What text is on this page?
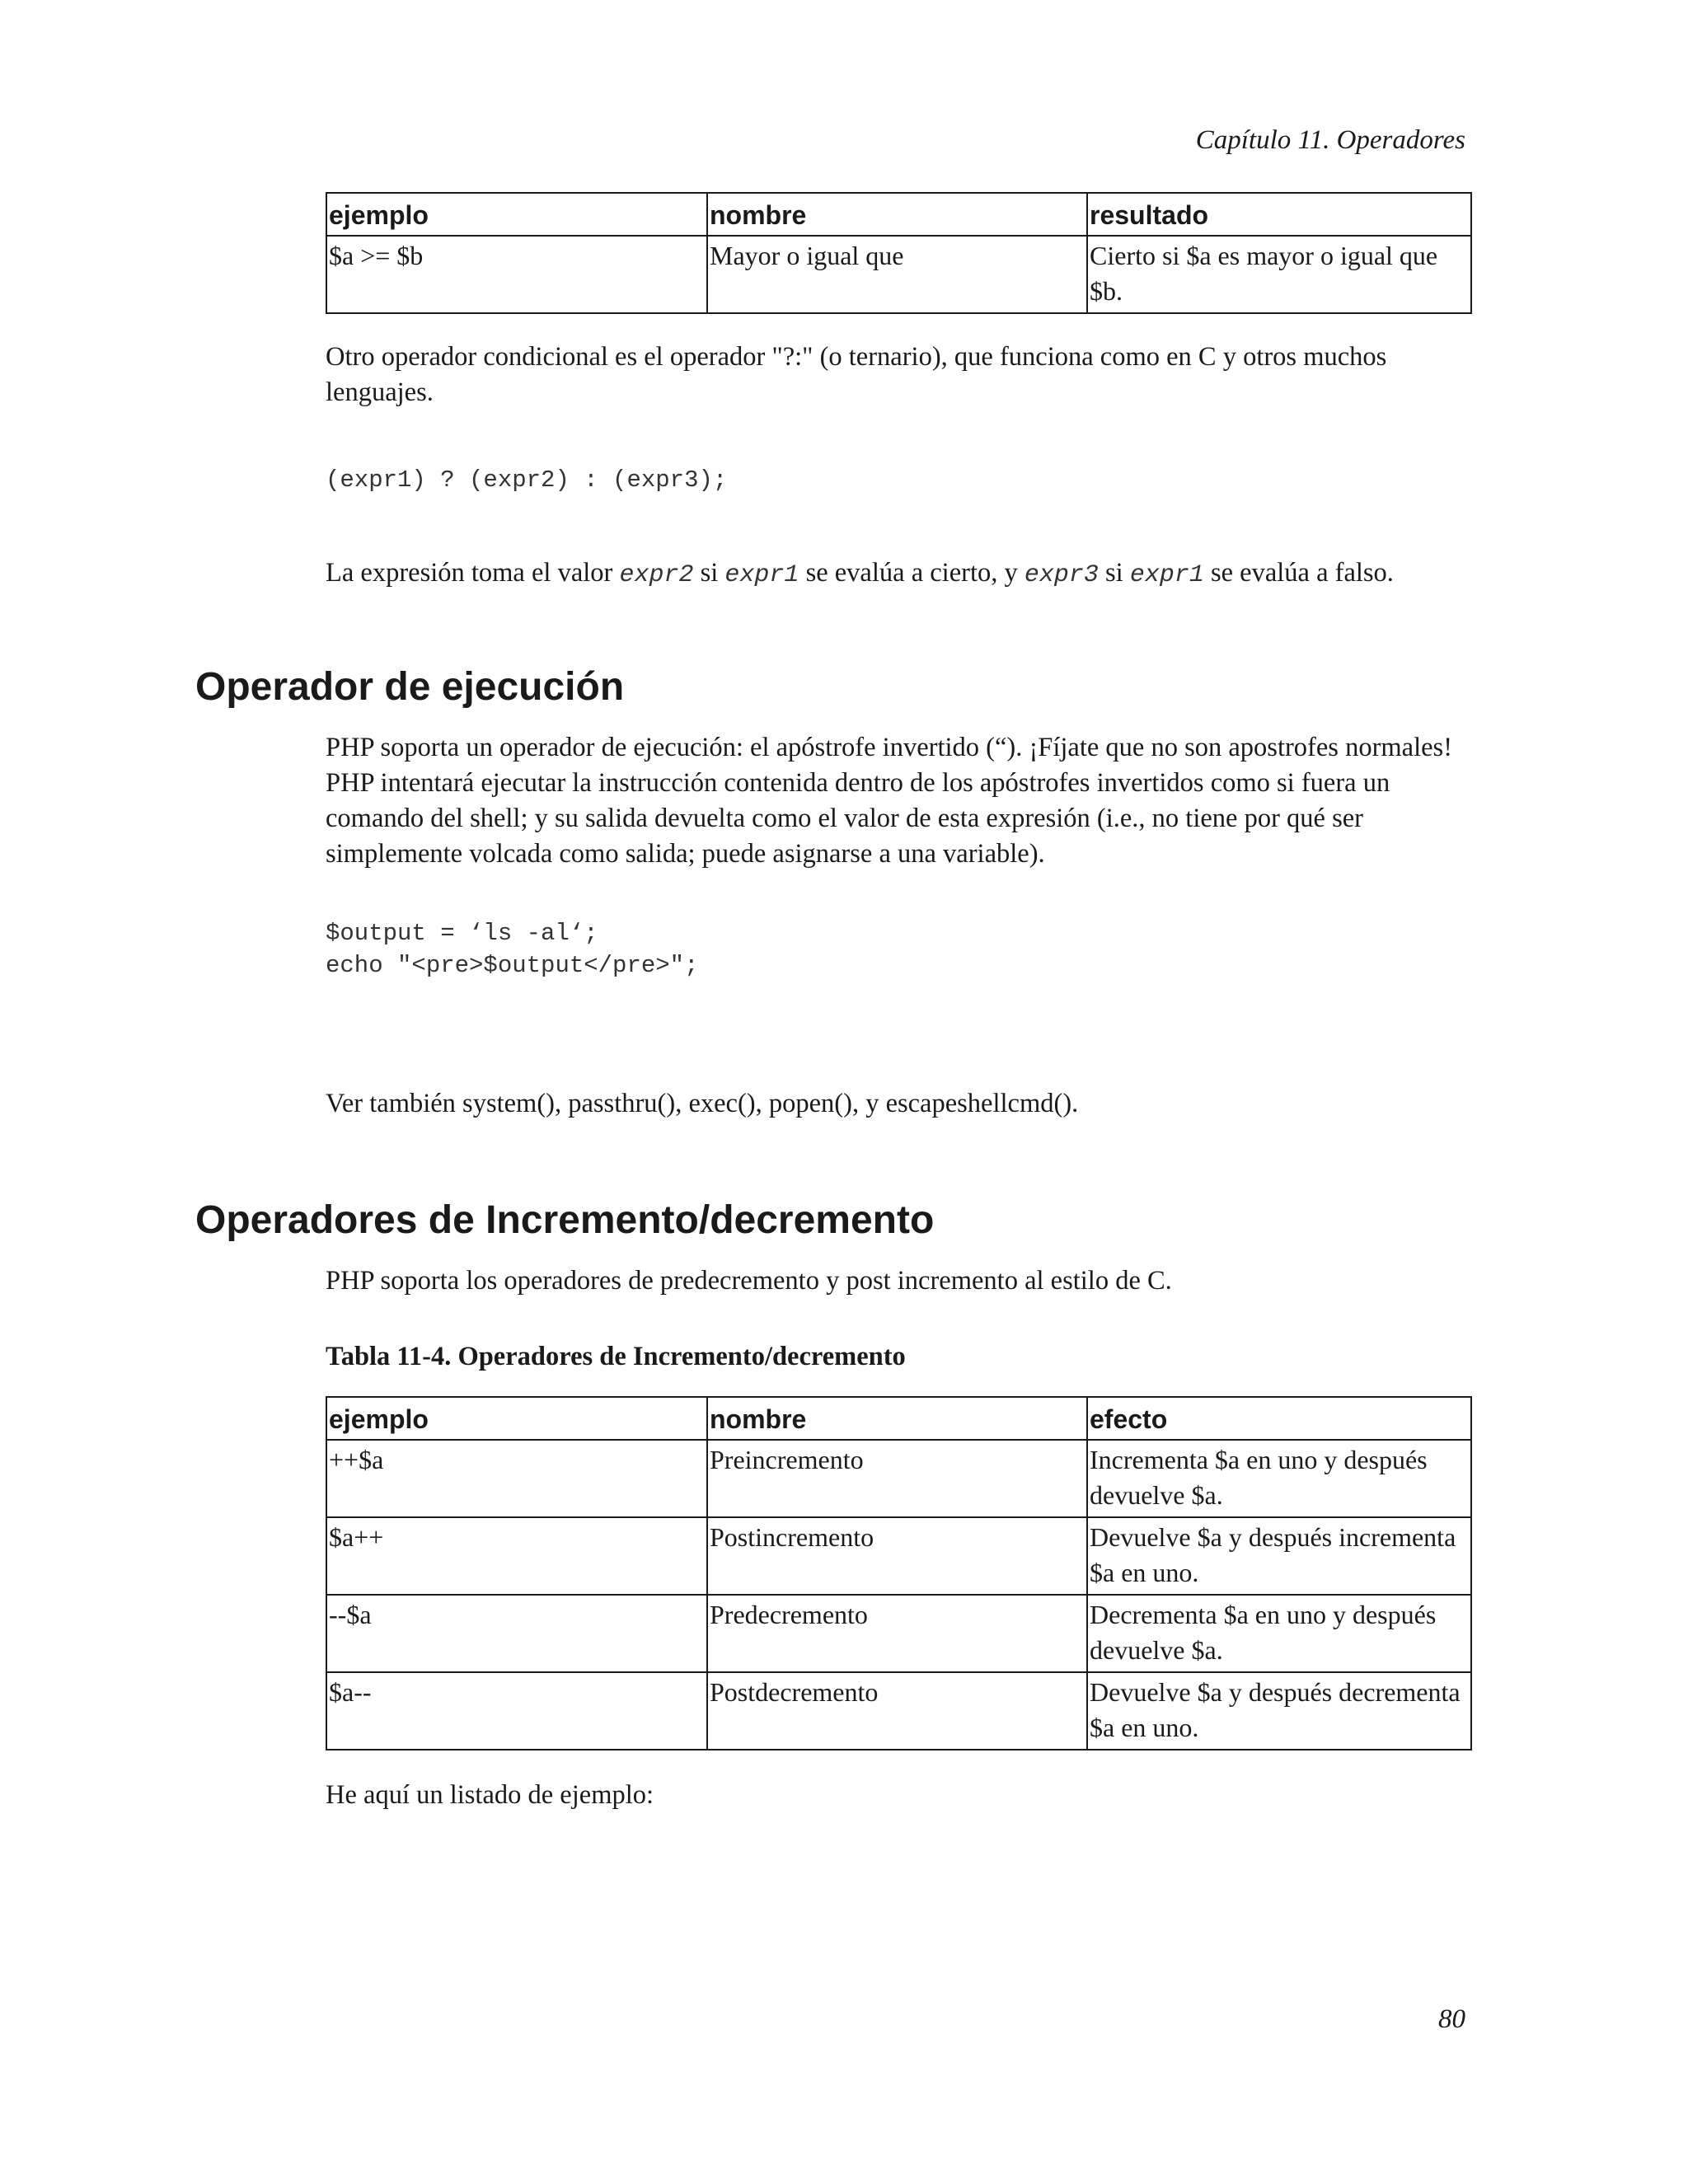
Capítulo 11. Operadores
ejemplo	nombre	resultado
$a >= $b	Mayor o igual que	Cierto si $a es mayor o igual que $b.
Otro operador condicional es el operador "?:" (o ternario), que funciona como en C y otros muchos lenguajes.
(expr1) ? (expr2) : (expr3);
La expresión toma el valor expr2 si expr1 se evalúa a cierto, y expr3 si expr1 se evalúa a falso.
Operador de ejecución
PHP soporta un operador de ejecución: el apóstrofe invertido (“). ¡Fíjate que no son apostrofes normales! PHP intentará ejecutar la instrucción contenida dentro de los apóstrofes invertidos como si fuera un comando del shell; y su salida devuelta como el valor de esta expresión (i.e., no tiene por qué ser simplemente volcada como salida; puede asignarse a una variable).
$output = ‘ls -al‘;
echo "<pre>$output</pre>";
Ver también system(), passthru(), exec(), popen(), y escapeshellcmd().
Operadores de Incremento/decremento
PHP soporta los operadores de predecremento y post incremento al estilo de C.
Tabla 11-4. Operadores de Incremento/decremento
ejemplo	nombre	efecto
++$a	Preincremento	Incrementa $a en uno y después devuelve $a.
$a++	Postincremento	Devuelve $a y después incrementa $a en uno.
--$a	Predecremento	Decrementa $a en uno y después devuelve $a.
$a--	Postdecremento	Devuelve $a y después decrementa $a en uno.
He aquí un listado de ejemplo:
80
